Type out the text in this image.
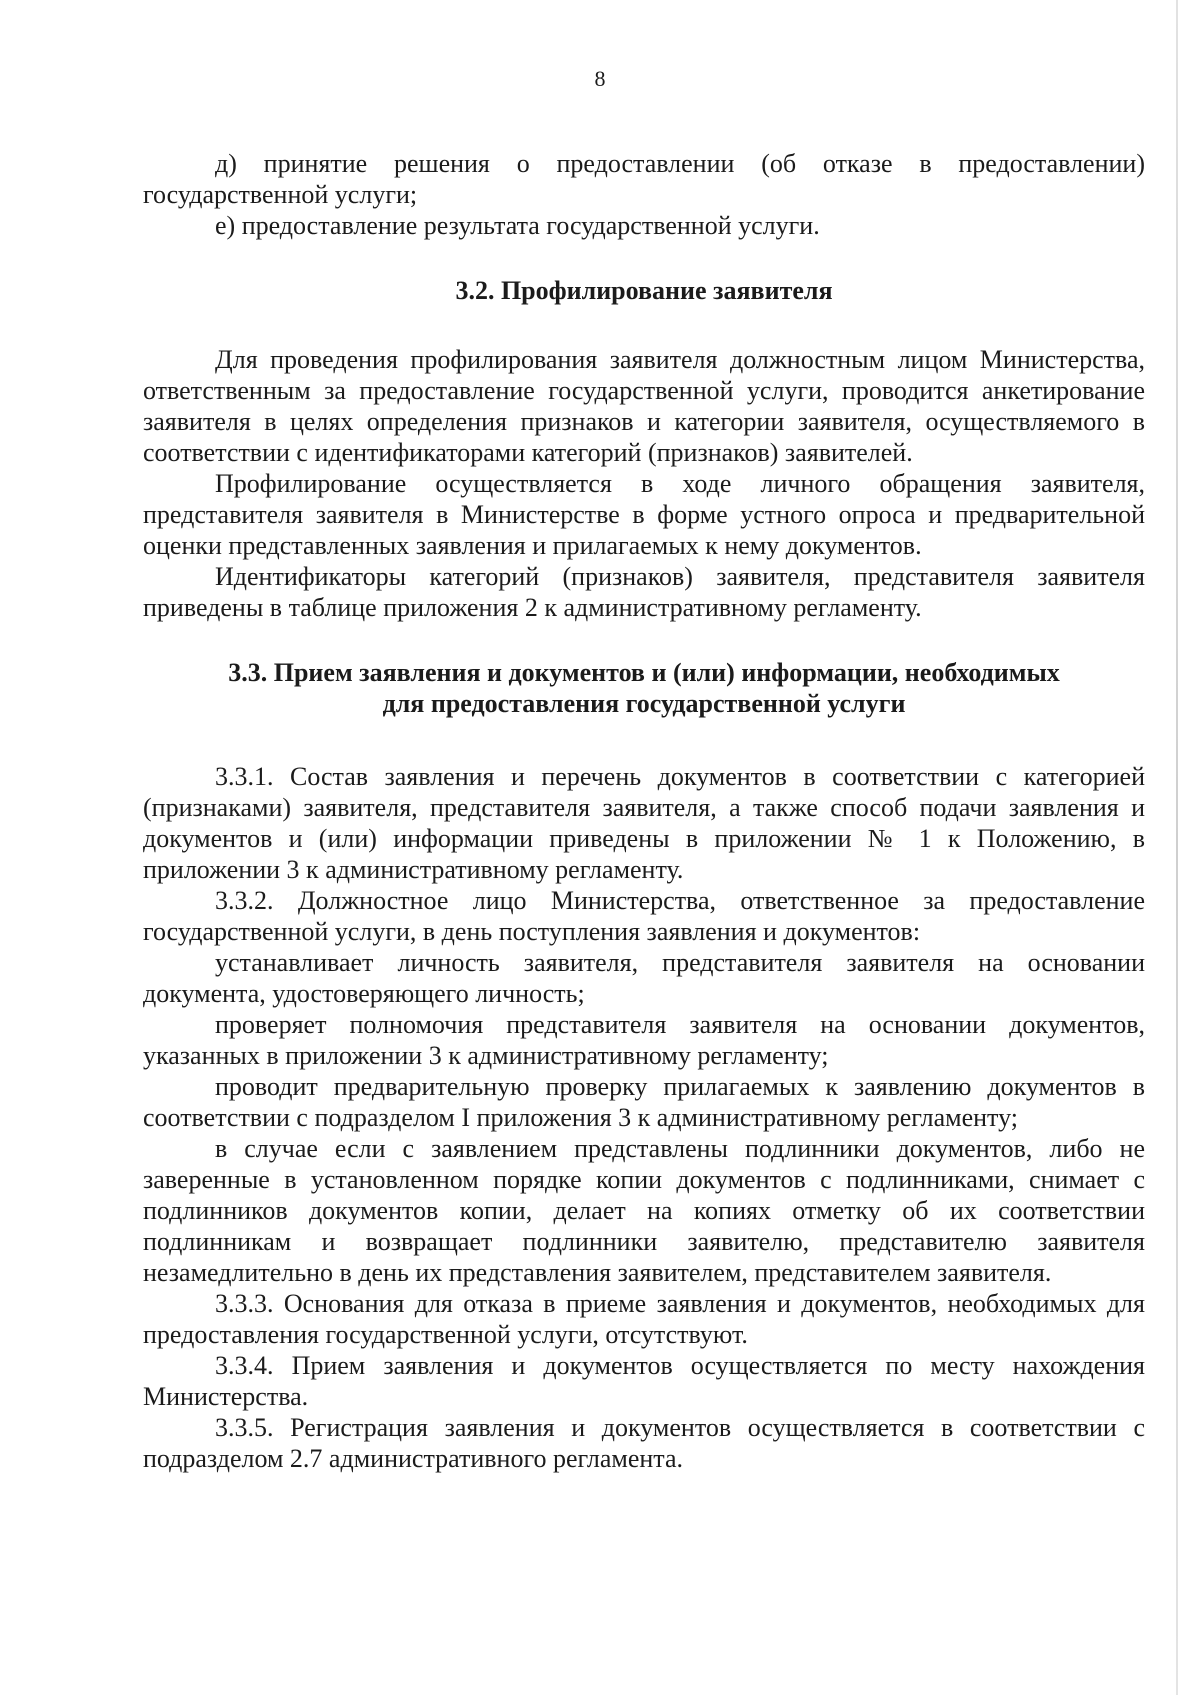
8

д) принятие решения о предоставлении (об отказе в предоставлении) государственной услуги;

е) предоставление результата государственной услуги.

3.2. Профилирование заявителя

Для проведения профилирования заявителя должностным лицом Министерства, ответственным за предоставление государственной услуги, проводится анкетирование заявителя в целях определения признаков и категории заявителя, осуществляемого в соответствии с идентификаторами категорий (признаков) заявителей.

Профилирование осуществляется в ходе личного обращения заявителя, представителя заявителя в Министерстве в форме устного опроса и предварительной оценки представленных заявления и прилагаемых к нему документов.

Идентификаторы категорий (признаков) заявителя, представителя заявителя приведены в таблице приложения 2 к административному регламенту.

3.3. Прием заявления и документов и (или) информации, необходимых
для предоставления государственной услуги

3.3.1. Состав заявления и перечень документов в соответствии с категорией (признаками) заявителя, представителя заявителя, а также способ подачи заявления и документов и (или) информации приведены в приложении № 1 к Положению, в приложении 3 к административному регламенту.

3.3.2. Должностное лицо Министерства, ответственное за предоставление государственной услуги, в день поступления заявления и документов:

устанавливает личность заявителя, представителя заявителя на основании документа, удостоверяющего личность;

проверяет полномочия представителя заявителя на основании документов, указанных в приложении 3 к административному регламенту;

проводит предварительную проверку прилагаемых к заявлению документов в соответствии с подразделом I приложения 3 к административному регламенту;

в случае если с заявлением представлены подлинники документов, либо не заверенные в установленном порядке копии документов с подлинниками, снимает с подлинников документов копии, делает на копиях отметку об их соответствии подлинникам и возвращает подлинники заявителю, представителю заявителя незамедлительно в день их представления заявителем, представителем заявителя.

3.3.3. Основания для отказа в приеме заявления и документов, необходимых для предоставления государственной услуги, отсутствуют.

3.3.4. Прием заявления и документов осуществляется по месту нахождения Министерства.

3.3.5. Регистрация заявления и документов осуществляется в соответствии с подразделом 2.7 административного регламента.
